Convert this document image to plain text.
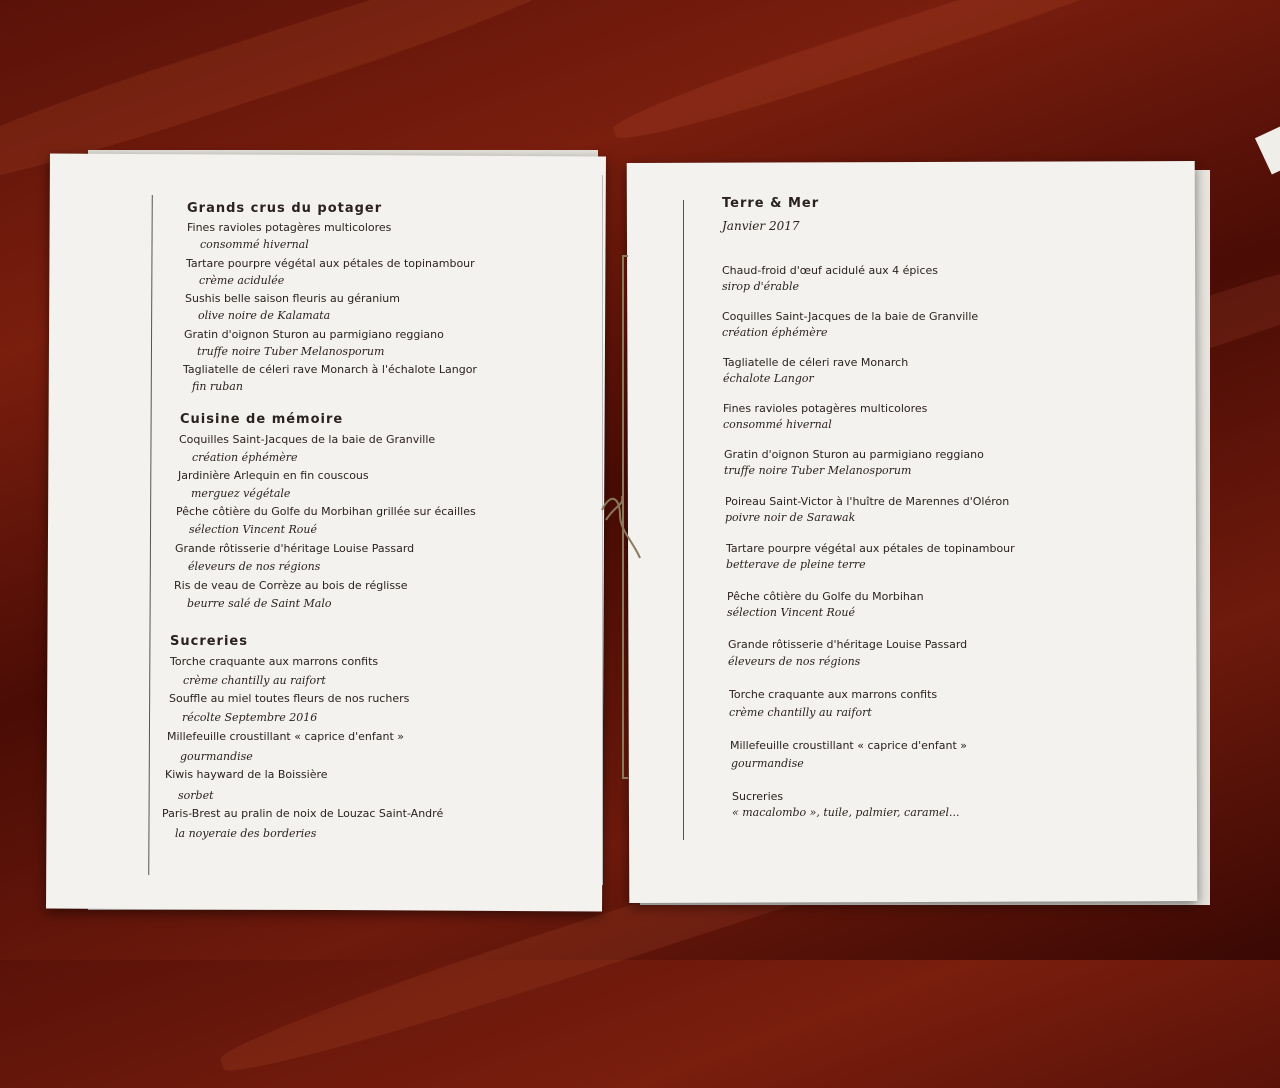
Grands crus du potager
Fines ravioles potagères multicolores
consommé hivernal
Tartare pourpre végétal aux pétales de topinambour
crème acidulée
Sushis belle saison fleuris au géranium
olive noire de Kalamata
Gratin d'oignon Sturon au parmigiano reggiano
truffe noire Tuber Melanosporum
Tagliatelle de céleri rave Monarch à l'échalote Langor
fin ruban
Cuisine de mémoire
Coquilles Saint-Jacques de la baie de Granville
création éphémère
Jardinière Arlequin en fin couscous
merguez végétale
Pêche côtière du Golfe du Morbihan grillée sur écailles
sélection Vincent Roué
Grande rôtisserie d'héritage Louise Passard
éleveurs de nos régions
Ris de veau de Corrèze au bois de réglisse
beurre salé de Saint Malo
Sucreries
Torche craquante aux marrons confits
crème chantilly au raifort
Souffle au miel toutes fleurs de nos ruchers
récolte Septembre 2016
Millefeuille croustillant « caprice d'enfant »
gourmandise
Kiwis hayward de la Boissière
sorbet
Paris-Brest au pralin de noix de Louzac Saint-André
la noyeraie des borderies
Terre & Mer
Janvier 2017
Chaud-froid d'œuf acidulé aux 4 épices
sirop d'érable
Coquilles Saint-Jacques de la baie de Granville
création éphémère
Tagliatelle de céleri rave Monarch
échalote Langor
Fines ravioles potagères multicolores
consommé hivernal
Gratin d'oignon Sturon au parmigiano reggiano
truffe noire Tuber Melanosporum
Poireau Saint-Victor à l'huître de Marennes d'Oléron
poivre noir de Sarawak
Tartare pourpre végétal aux pétales de topinambour
betterave de pleine terre
Pêche côtière du Golfe du Morbihan
sélection Vincent Roué
Grande rôtisserie d'héritage Louise Passard
éleveurs de nos régions
Torche craquante aux marrons confits
crème chantilly au raifort
Millefeuille croustillant « caprice d'enfant »
gourmandise
Sucreries
« macalombo », tuile, palmier, caramel...
